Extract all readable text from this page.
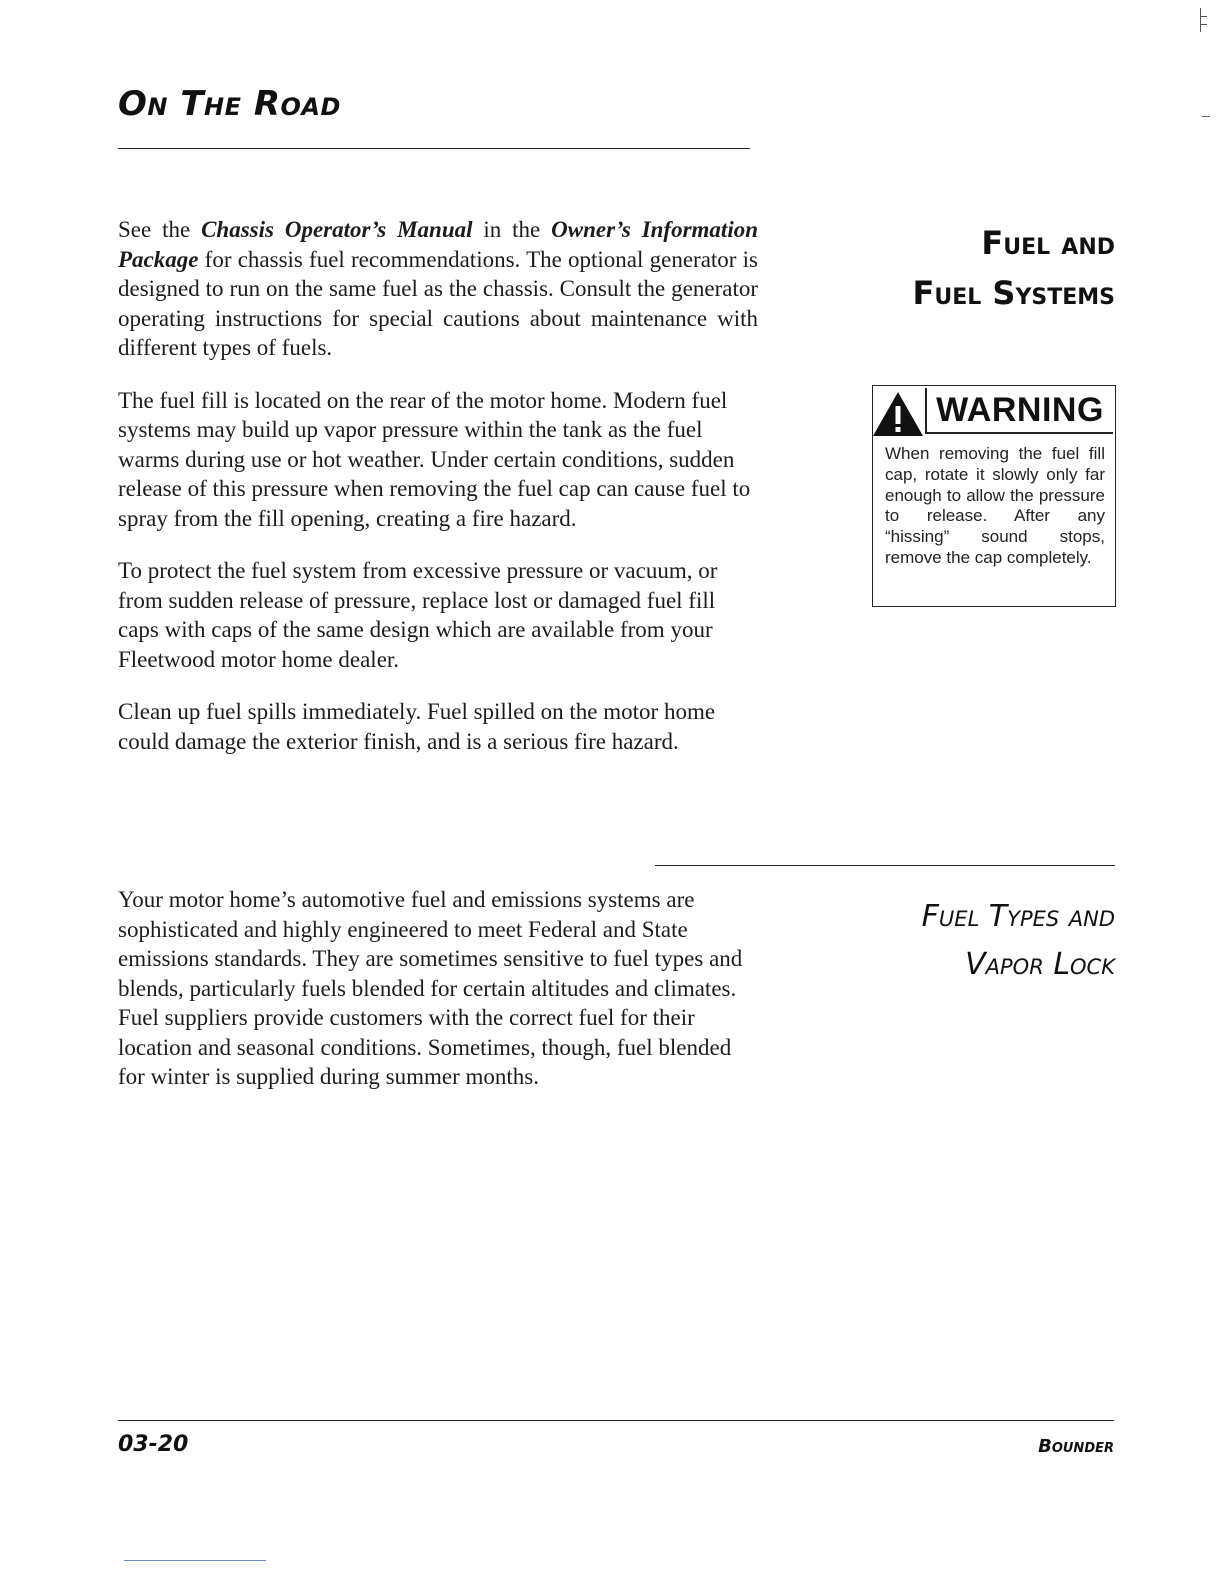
On The Road

See the Chassis Operator’s Manual in the Owner’s Information Package for chassis fuel recommendations. The optional generator is designed to run on the same fuel as the chassis. Consult the generator operating instructions for special cautions about maintenance with different types of fuels.

The fuel fill is located on the rear of the motor home. Modern fuel systems may build up vapor pressure within the tank as the fuel warms during use or hot weather. Under certain conditions, sudden release of this pressure when removing the fuel cap can cause fuel to spray from the fill opening, creating a fire hazard.

To protect the fuel system from excessive pressure or vacuum, or from sudden release of pressure, replace lost or damaged fuel fill caps with caps of the same design which are available from your Fleetwood motor home dealer.

Clean up fuel spills immediately. Fuel spilled on the motor home could damage the exterior finish, and is a serious fire hazard.

Fuel and
Fuel Systems
WARNING

When removing the fuel fill cap, rotate it slowly only far enough to allow the pressure to release. After any “hissing” sound stops, remove the cap completely.

Your motor home’s automotive fuel and emissions systems are sophisticated and highly engineered to meet Federal and State emissions standards. They are sometimes sensitive to fuel types and blends, particularly fuels blended for certain altitudes and climates. Fuel suppliers provide customers with the correct fuel for their location and seasonal conditions. Sometimes, though, fuel blended for winter is supplied during summer months.

Fuel Types and
Vapor Lock
03-20	Bounder
